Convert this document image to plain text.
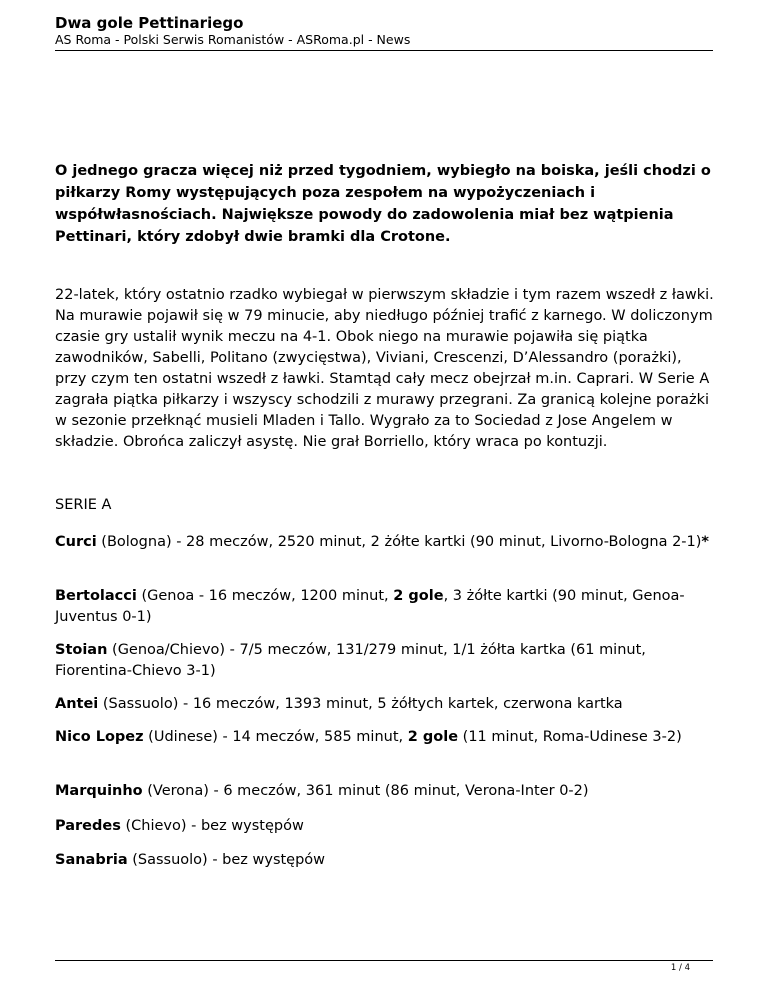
Dwa gole Pettinariego
AS Roma - Polski Serwis Romanistów - ASRoma.pl - News

O jednego gracza więcej niż przed tygodniem, wybiegło na boiska, jeśli chodzi o piłkarzy Romy występujących poza zespołem na wypożyczeniach i współwłasnościach. Największe powody do zadowolenia miał bez wątpienia Pettinari, który zdobył dwie bramki dla Crotone.

22-latek, który ostatnio rzadko wybiegał w pierwszym składzie i tym razem wszedł z ławki. Na murawie pojawił się w 79 minucie, aby niedługo później trafić z karnego. W doliczonym czasie gry ustalił wynik meczu na 4-1. Obok niego na murawie pojawiła się piątka zawodników, Sabelli, Politano (zwycięstwa), Viviani, Crescenzi, D’Alessandro (porażki), przy czym ten ostatni wszedł z ławki. Stamtąd cały mecz obejrzał m.in. Caprari. W Serie A zagrała piątka piłkarzy i wszyscy schodzili z murawy przegrani. Za granicą kolejne porażki w sezonie przełknąć musieli Mladen i Tallo. Wygrało za to Sociedad z Jose Angelem w składzie. Obrońca zaliczył asystę. Nie grał Borriello, który wraca po kontuzji.

SERIE A

Curci (Bologna) - 28 meczów, 2520 minut, 2 żółte kartki (90 minut, Livorno-Bologna 2-1)*

Bertolacci (Genoa - 16 meczów, 1200 minut, 2 gole, 3 żółte kartki (90 minut, Genoa-Juventus 0-1)

Stoian (Genoa/Chievo) - 7/5 meczów, 131/279 minut, 1/1 żółta kartka (61 minut, Fiorentina-Chievo 3-1)

Antei (Sassuolo) - 16 meczów, 1393 minut, 5 żółtych kartek, czerwona kartka

Nico Lopez (Udinese) - 14 meczów, 585 minut, 2 gole (11 minut, Roma-Udinese 3-2)

Marquinho (Verona) - 6 meczów, 361 minut (86 minut, Verona-Inter 0-2)

Paredes (Chievo) - bez występów

Sanabria (Sassuolo) - bez występów

1 / 4
